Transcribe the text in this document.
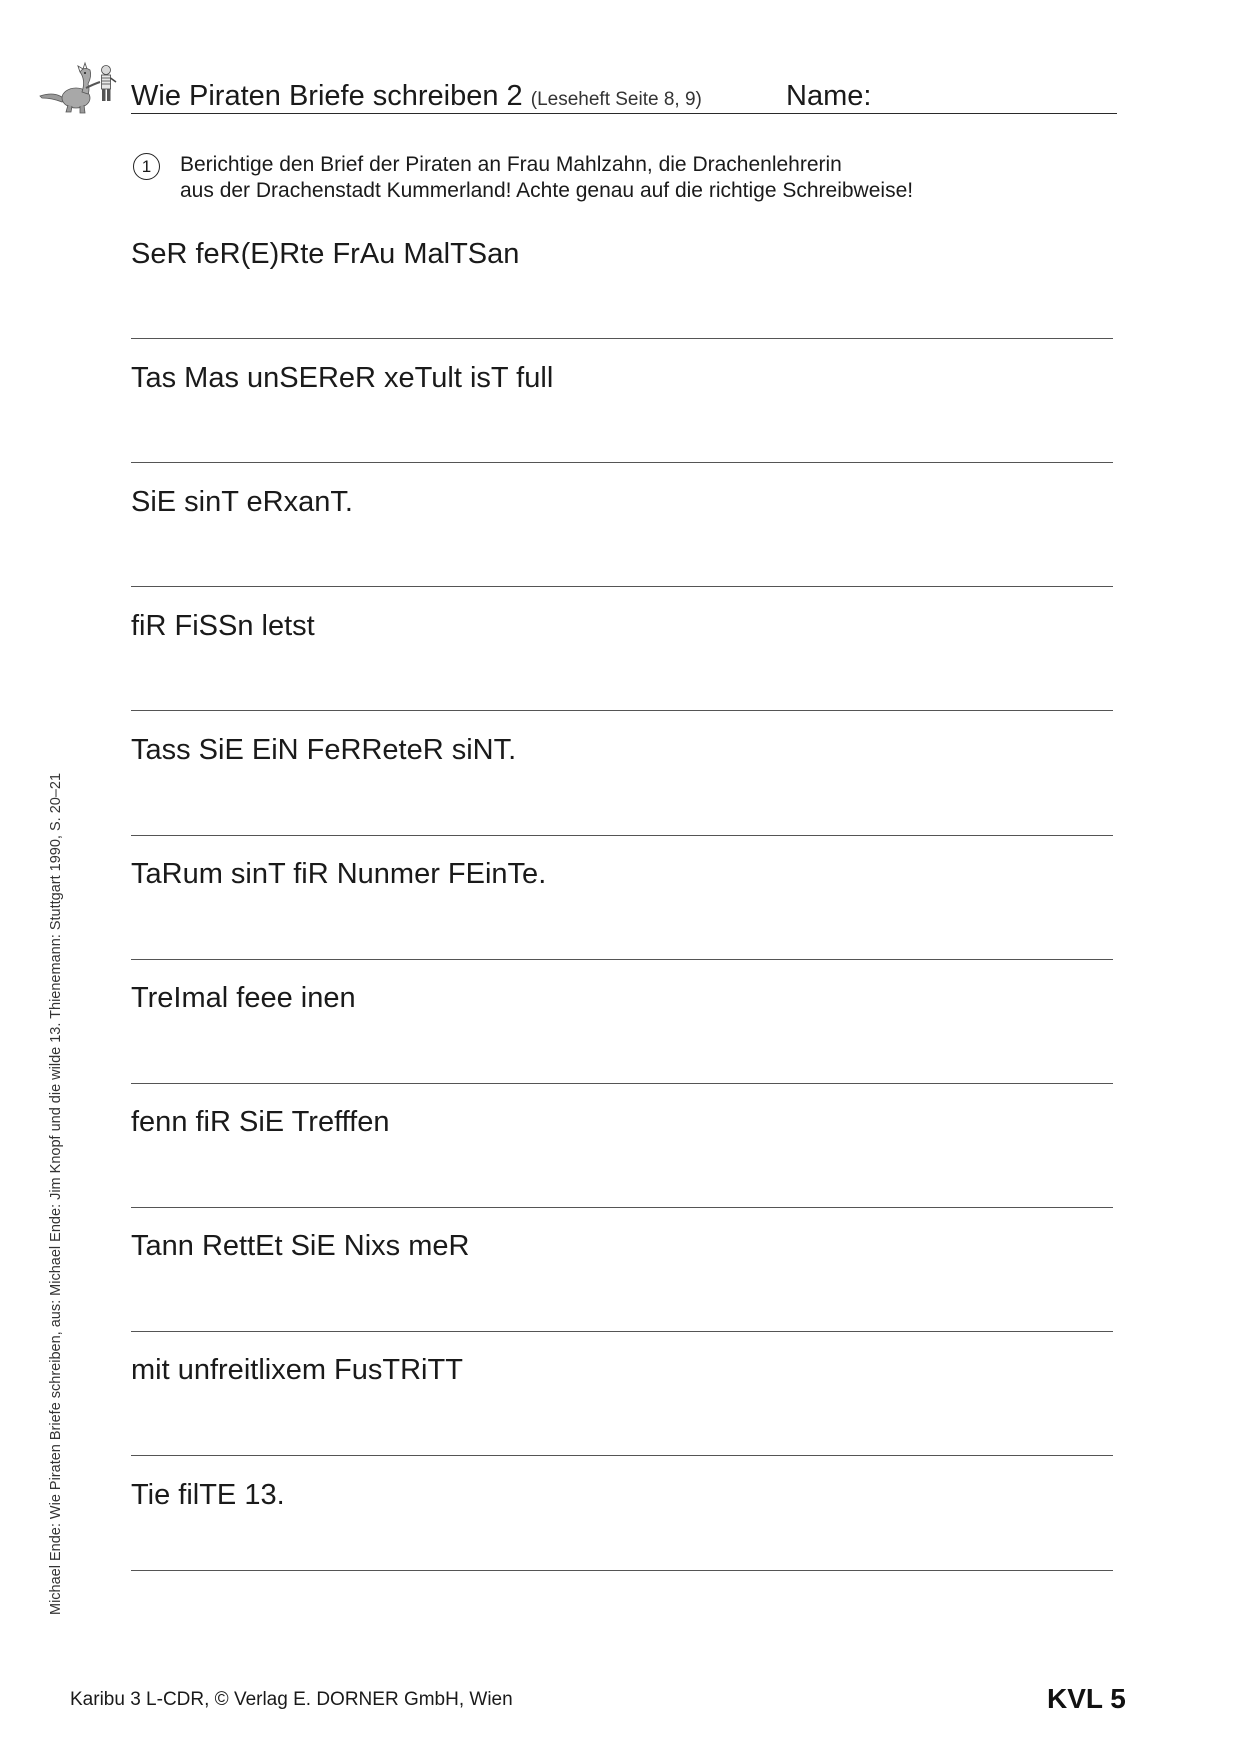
Wie Piraten Briefe schreiben 2 (Leseheft Seite 8, 9)	Name:
1	Berichtige den Brief der Piraten an Frau Mahlzahn, die Drachenlehrerin
aus der Drachenstadt Kummerland! Achte genau auf die richtige Schreibweise!
SeR feR(E)Rte FrAu MalTSan
Tas Mas unSEReR xeTult isT full
SiE sinT eRxanT.
fiR FiSSn letst
Tass SiE EiN FeRReteR siNT.
TaRum sinT fiR Nunmer FEinTe.
TreImal feee inen
fenn fiR SiE Trefffen
Tann RettEt SiE Nixs meR
mit unfreitlixem FusTRiTT
Tie filTE 13.
Michael Ende: Wie Piraten Briefe schreiben, aus: Michael Ende: Jim Knopf und die wilde 13. Thienemann: Stuttgart 1990, S. 20–21
Karibu 3 L-CDR, © Verlag E. DORNER GmbH, Wien	KVL 5
